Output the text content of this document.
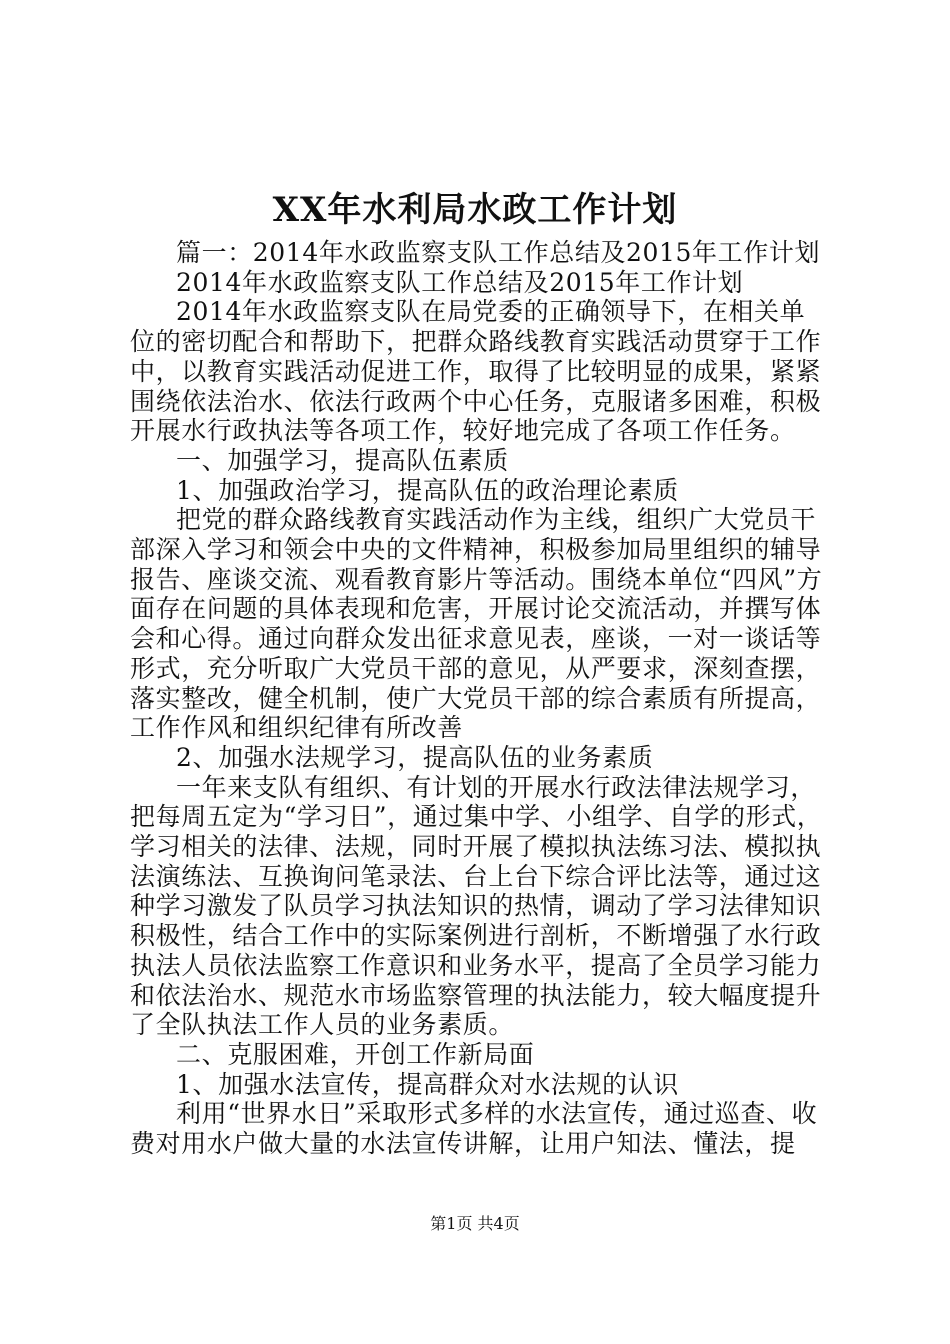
XX年水利局水政工作计划

篇一：2014年水政监察支队工作总结及2015年工作计划

2014年水政监察支队工作总结及2015年工作计划

2014年水政监察支队在局党委的正确领导下，在相关单位的密切配合和帮助下，把群众路线教育实践活动贯穿于工作中，以教育实践活动促进工作，取得了比较明显的成果，紧紧围绕依法治水、依法行政两个中心任务，克服诸多困难，积极开展水行政执法等各项工作，较好地完成了各项工作任务。

一、加强学习，提高队伍素质

1、加强政治学习，提高队伍的政治理论素质

把党的群众路线教育实践活动作为主线，组织广大党员干部深入学习和领会中央的文件精神，积极参加局里组织的辅导报告、座谈交流、观看教育影片等活动。围绕本单位“四风”方面存在问题的具体表现和危害，开展讨论交流活动，并撰写体会和心得。通过向群众发出征求意见表，座谈，一对一谈话等形式，充分听取广大党员干部的意见，从严要求，深刻查摆，落实整改，健全机制，使广大党员干部的综合素质有所提高，工作作风和组织纪律有所改善

2、加强水法规学习，提高队伍的业务素质

一年来支队有组织、有计划的开展水行政法律法规学习，把每周五定为“学习日”，通过集中学、小组学、自学的形式，学习相关的法律、法规，同时开展了模拟执法练习法、模拟执法演练法、互换询问笔录法、台上台下综合评比法等，通过这种学习激发了队员学习执法知识的热情，调动了学习法律知识积极性，结合工作中的实际案例进行剖析，不断增强了水行政执法人员依法监察工作意识和业务水平，提高了全员学习能力和依法治水、规范水市场监察管理的执法能力，较大幅度提升了全队执法工作人员的业务素质。

二、克服困难，开创工作新局面

1、加强水法宣传，提高群众对水法规的认识

利用“世界水日”采取形式多样的水法宣传，通过巡查、收费对用水户做大量的水法宣传讲解，让用户知法、懂法，提

第1页 共4页
